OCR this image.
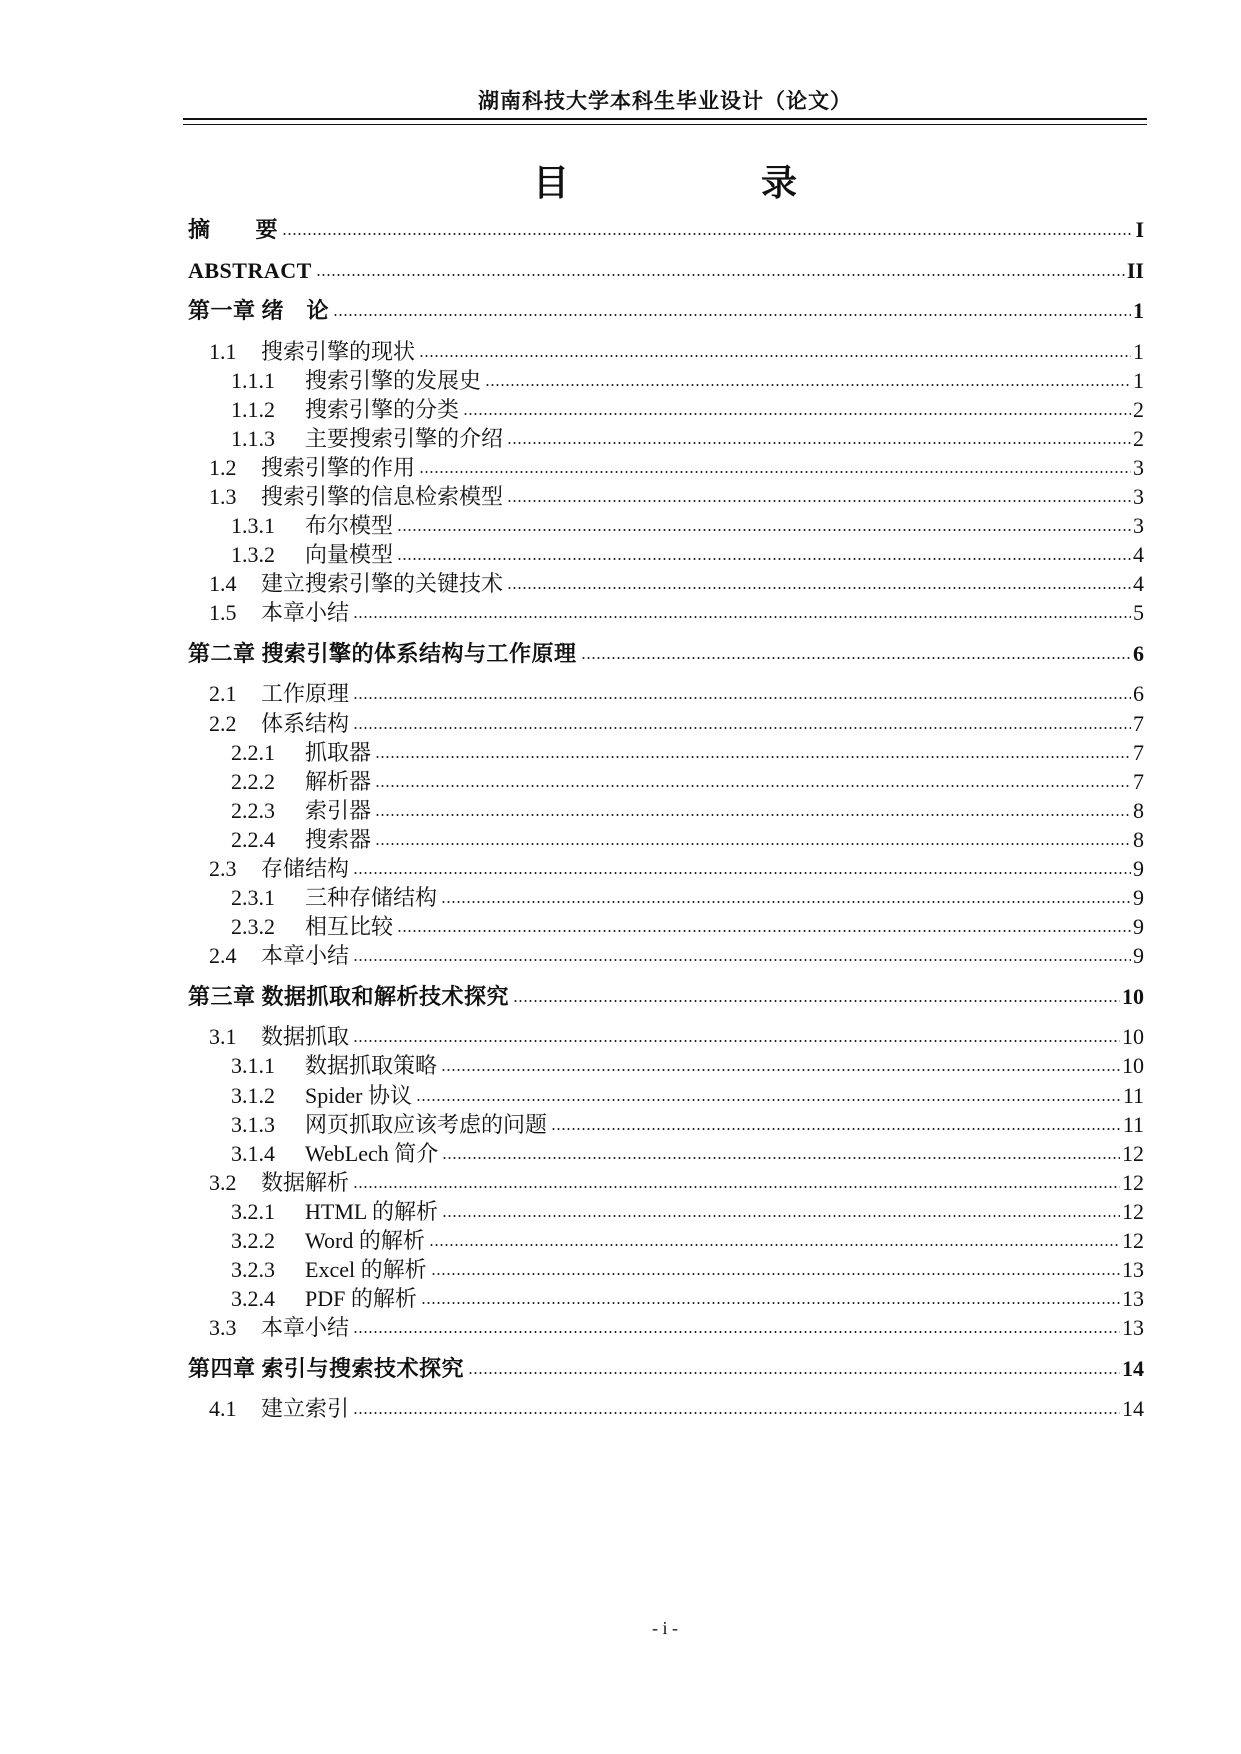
湖南科技大学本科生毕业设计（论文）
目　　录
摘　　要	I
ABSTRACT	II
第一章 绪　论	1
1.1	搜索引擎的现状	1
1.1.1	搜索引擎的发展史	1
1.1.2	搜索引擎的分类	2
1.1.3	主要搜索引擎的介绍	2
1.2	搜索引擎的作用	3
1.3	搜索引擎的信息检索模型	3
1.3.1	布尔模型	3
1.3.2	向量模型	4
1.4	建立搜索引擎的关键技术	4
1.5	本章小结	5
第二章 搜索引擎的体系结构与工作原理	6
2.1	工作原理	6
2.2	体系结构	7
2.2.1	抓取器	7
2.2.2	解析器	7
2.2.3	索引器	8
2.2.4	搜索器	8
2.3	存储结构	9
2.3.1	三种存储结构	9
2.3.2	相互比较	9
2.4	本章小结	9
第三章 数据抓取和解析技术探究	10
3.1	数据抓取	10
3.1.1	数据抓取策略	10
3.1.2	Spider 协议	11
3.1.3	网页抓取应该考虑的问题	11
3.1.4	WebLech 简介	12
3.2	数据解析	12
3.2.1	HTML 的解析	12
3.2.2	Word 的解析	12
3.2.3	Excel 的解析	13
3.2.4	PDF 的解析	13
3.3	本章小结	13
第四章 索引与搜索技术探究	14
4.1	建立索引	14
- i -
